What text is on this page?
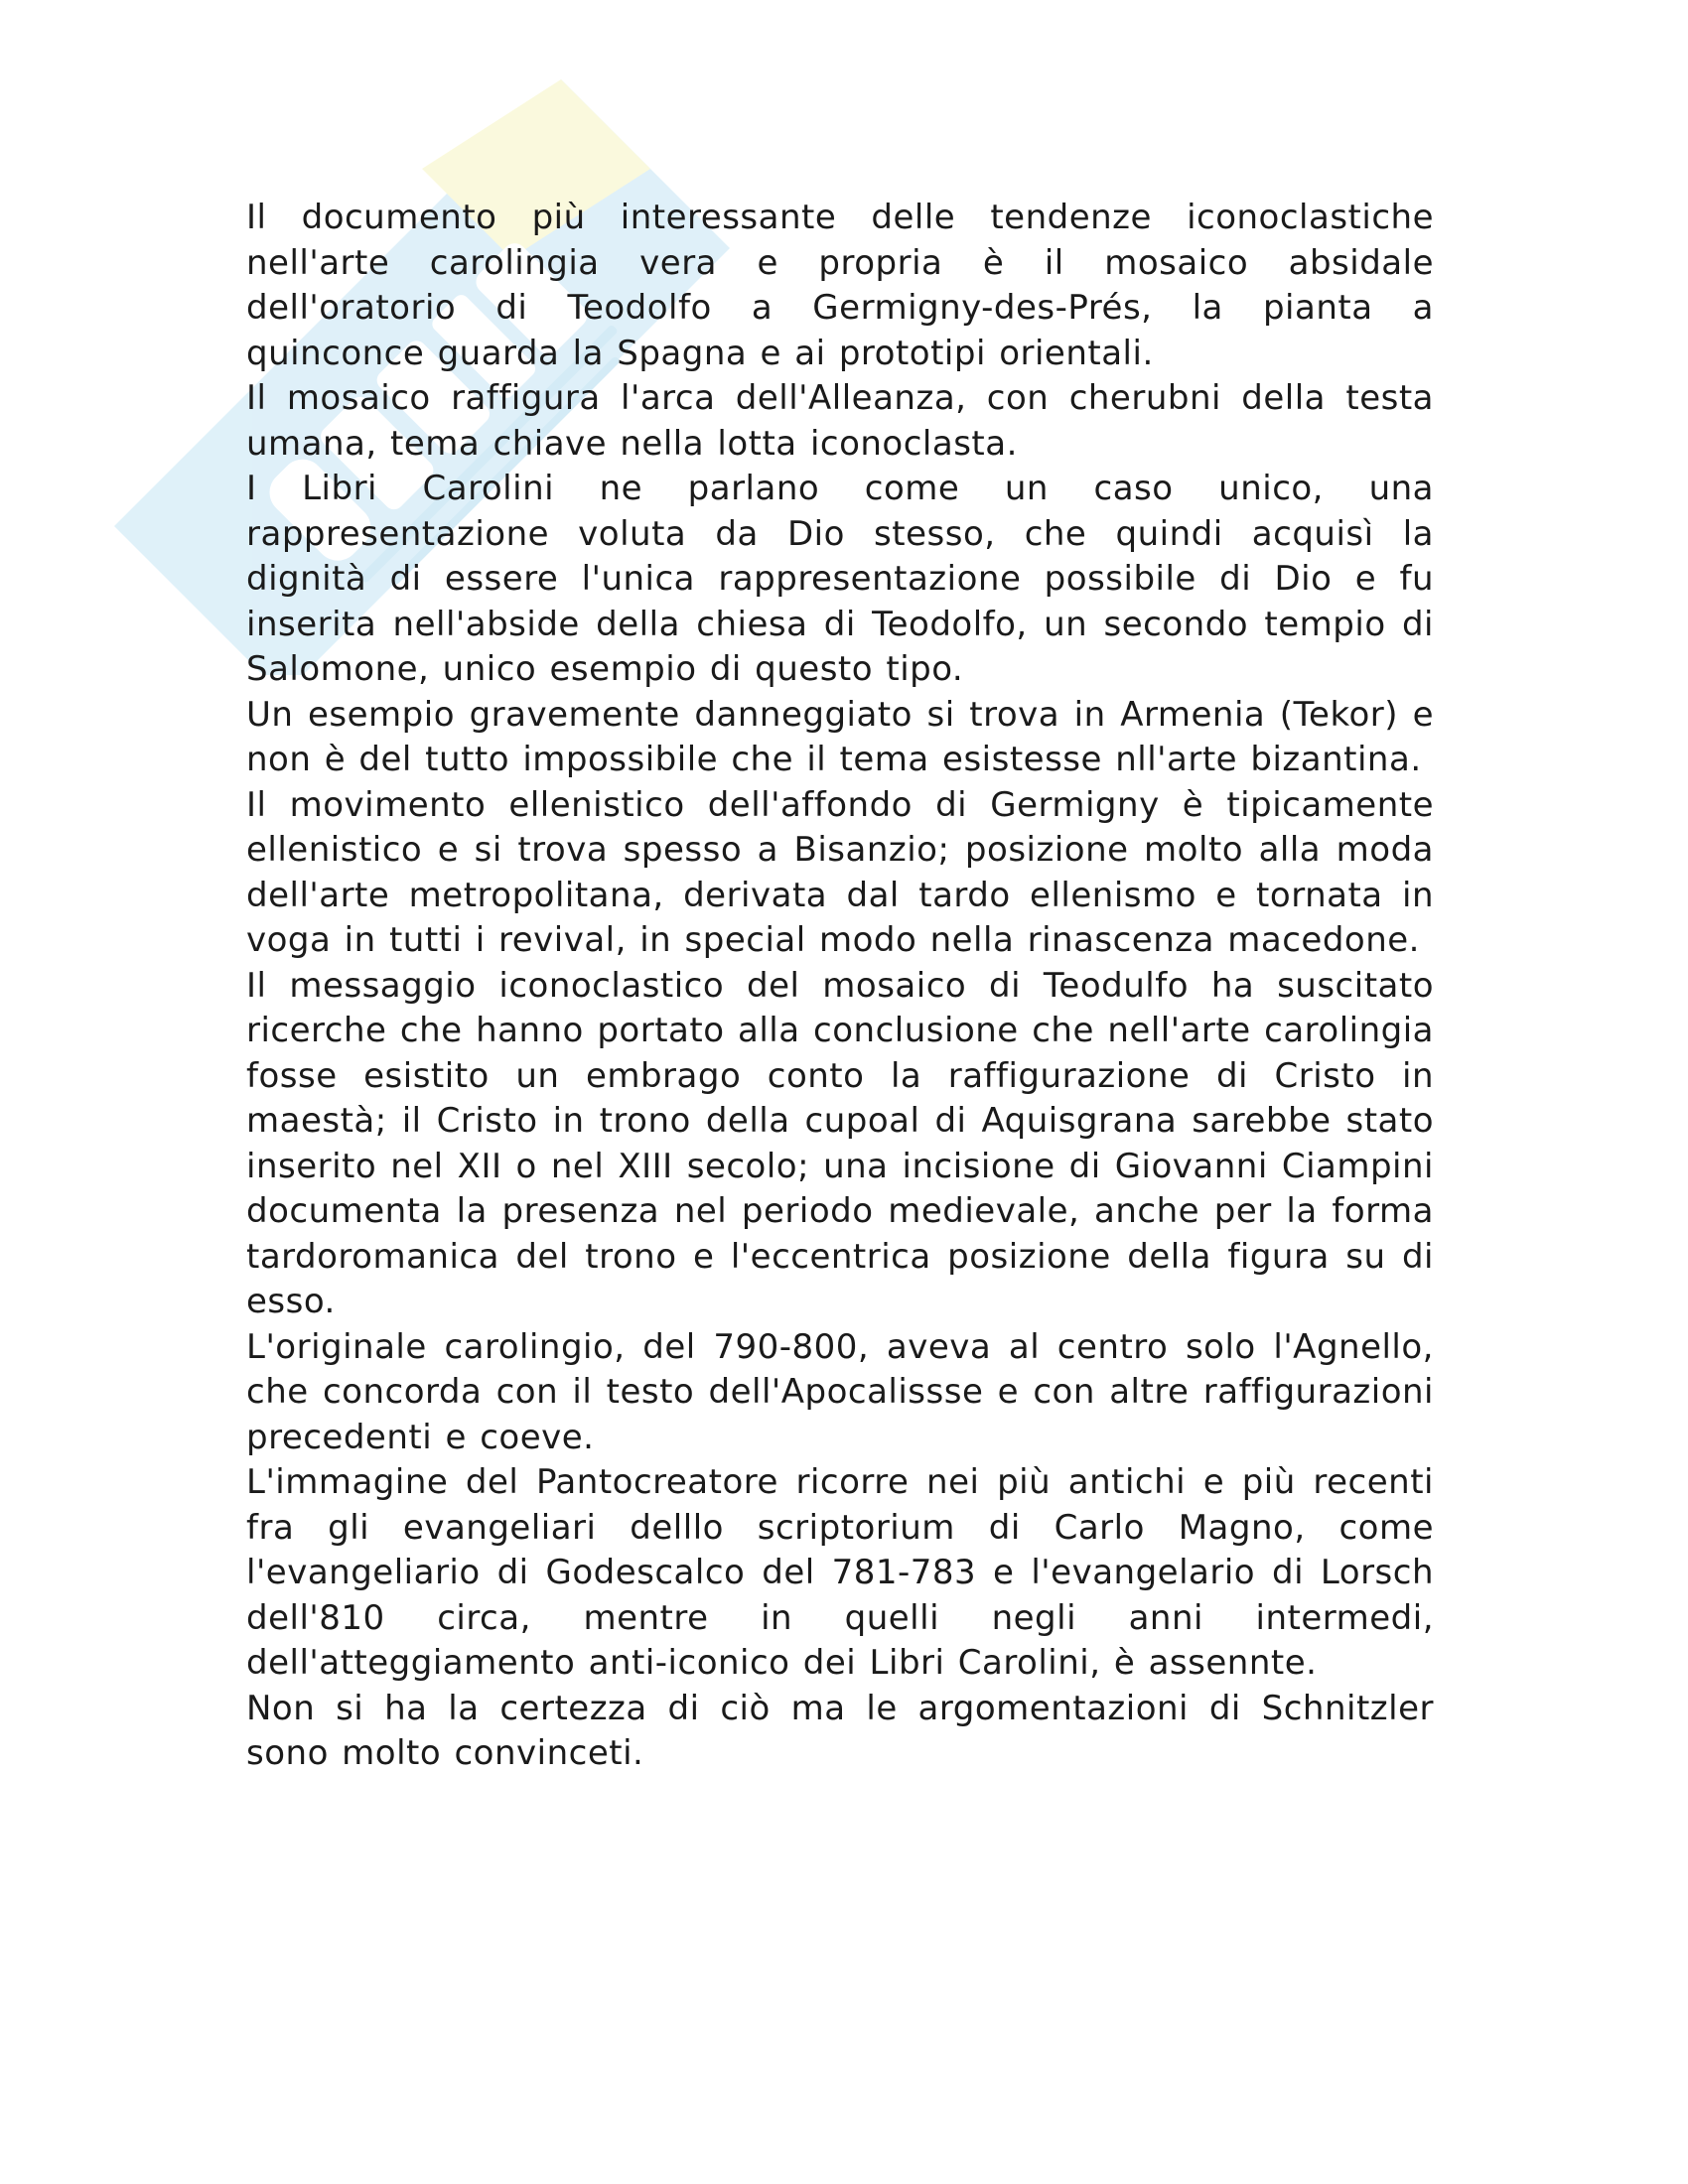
Il documento più interessante delle tendenze iconoclastiche nell'arte carolingia vera e propria è il mosaico absidale dell'oratorio di Teodolfo a Germigny-des-Prés, la pianta a quinconce guarda la Spagna e ai prototipi orientali.

Il mosaico raffigura l'arca dell'Alleanza, con cherubni della testa umana, tema chiave nella lotta iconoclasta.

I Libri Carolini ne parlano come un caso unico, una rappresentazione voluta da Dio stesso, che quindi acquisì la dignità di essere l'unica rappresentazione possibile di Dio e fu inserita nell'abside della chiesa di Teodolfo, un secondo tempio di Salomone, unico esempio di questo tipo.

Un esempio gravemente danneggiato si trova in Armenia (Tekor) e non è del tutto impossibile che il tema esistesse nll'arte bizantina.

Il movimento ellenistico dell'affondo di Germigny è tipicamente ellenistico e si trova spesso a Bisanzio; posizione molto alla moda dell'arte metropolitana, derivata dal tardo ellenismo e tornata in voga in tutti i revival, in special modo nella rinascenza macedone.

Il messaggio iconoclastico del mosaico di Teodulfo ha suscitato ricerche che hanno portato alla conclusione che nell'arte carolingia fosse esistito un embrago conto la raffigurazione di Cristo in maestà; il Cristo in trono della cupoal di Aquisgrana sarebbe stato inserito nel XII o nel XIII secolo; una incisione di Giovanni Ciampini documenta la presenza nel periodo medievale, anche per la forma tardoromanica del trono e l'eccentrica posizione della figura su di esso.

L'originale carolingio, del 790-800, aveva al centro solo l'Agnello, che concorda con il testo dell'Apocalissse e con altre raffigurazioni precedenti e coeve.

L'immagine del Pantocreatore ricorre nei più antichi e più recenti fra gli evangeliari delllo scriptorium di Carlo Magno, come l'evangeliario di Godescalco del 781-783 e l'evangelario di Lorsch dell'810 circa, mentre in quelli negli anni intermedi, dell'atteggiamento anti-iconico dei Libri Carolini, è assennte.

Non si ha la certezza di ciò ma le argomentazioni di Schnitzler sono molto convinceti.
